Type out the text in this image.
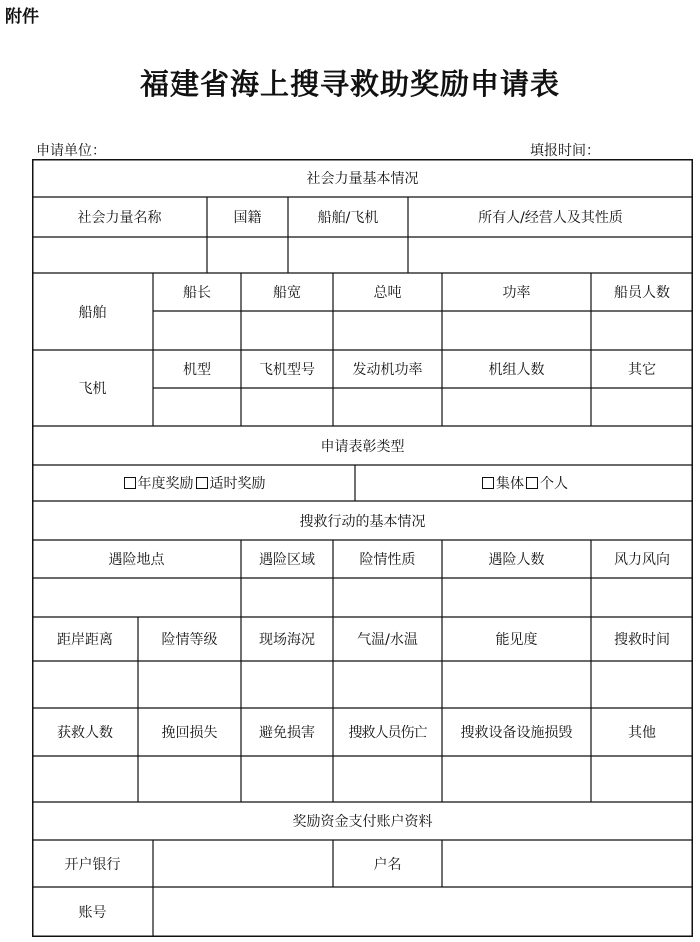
附件
福建省海上搜寻救助奖励申请表
申请单位：	填报时间：
社会力量基本情况
社会力量名称	国籍	船舶/飞机	所有人/经营人及其性质
船舶
船长	船宽	总吨	功率	船员人数
飞机
机型	飞机型号	发动机功率	机组人数	其它
申请表彰类型
年度奖励 适时奖励	集体 个人
搜救行动的基本情况
遇险地点	遇险区域	险情性质	遇险人数	风力风向
距岸距离	险情等级	现场海况	气温/水温	能见度	搜救时间
获救人数	挽回损失	避免损害	搜救人员伤亡	搜救设备设施损毁	其他
奖励资金支付账户资料
开户银行	户名
账号
